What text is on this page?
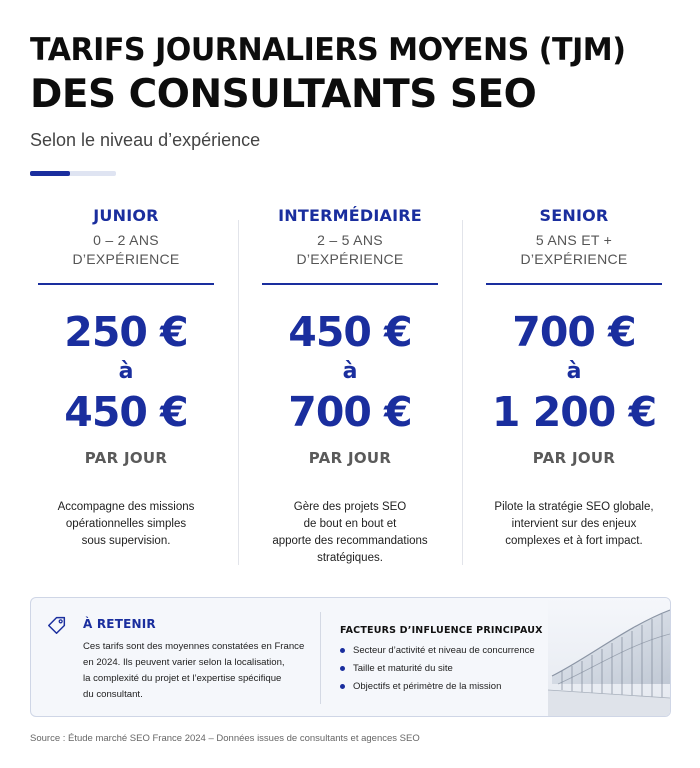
TARIFS JOURNALIERS MOYENS (TJM)
DES CONSULTANTS SEO
Selon le niveau d’expérience
JUNIOR
0 – 2 ANS
D’EXPÉRIENCE
250 €
à
450 €
PAR JOUR
Accompagne des missions
opérationnelles simples
sous supervision.
INTERMÉDIAIRE
2 – 5 ANS
D’EXPÉRIENCE
450 €
à
700 €
PAR JOUR
Gère des projets SEO
de bout en bout et
apporte des recommandations
stratégiques.
SENIOR
5 ANS ET +
D’EXPÉRIENCE
700 €
à
1 200 €
PAR JOUR
Pilote la stratégie SEO globale,
intervient sur des enjeux
complexes et à fort impact.
À RETENIR
Ces tarifs sont des moyennes constatées en France
en 2024. Ils peuvent varier selon la localisation,
la complexité du projet et l’expertise spécifique
du consultant.
FACTEURS D’INFLUENCE PRINCIPAUX
Secteur d’activité et niveau de concurrence
Taille et maturité du site
Objectifs et périmètre de la mission
Source : Étude marché SEO France 2024 – Données issues de consultants et agences SEO
